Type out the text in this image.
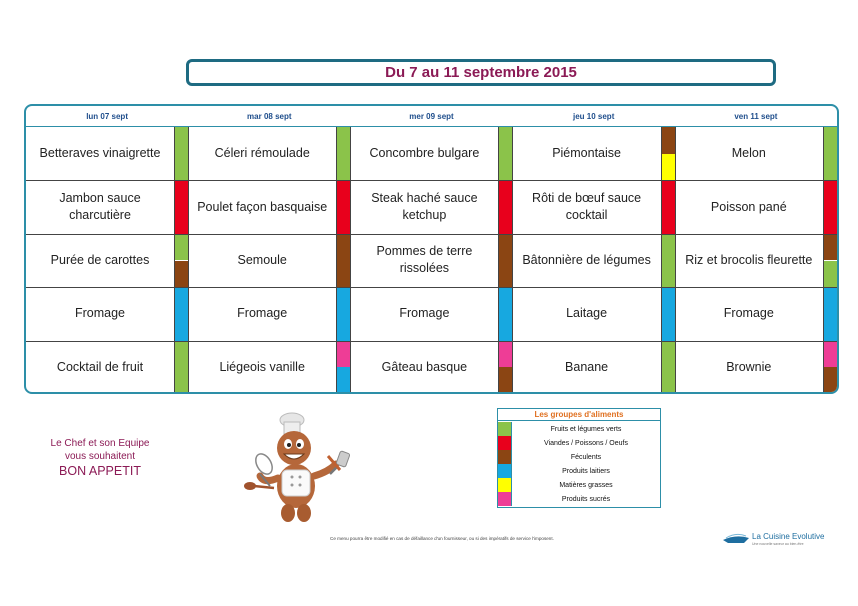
Du 7 au 11 septembre 2015
lun 07 sept
Betteraves vinaigrette
Jambon sauce charcutière
Purée de carottes
Fromage
Cocktail de fruit
mar 08 sept
Céleri rémoulade
Poulet façon basquaise
Semoule
Fromage
Liégeois vanille
mer 09 sept
Concombre bulgare
Steak haché sauce ketchup
Pommes de terre rissolées
Fromage
Gâteau basque
jeu 10 sept
Piémontaise
Rôti de bœuf sauce cocktail
Bâtonnière de légumes
Laitage
Banane
ven 11 sept
Melon
Poisson pané
Riz et brocolis fleurette
Fromage
Brownie
Le Chef et son Equipe
vous souhaitent
BON APPETIT
Les groupes d'aliments
Fruits et légumes verts
Viandes / Poissons / Oeufs
Féculents
Produits laitiers
Matières grasses
Produits sucrés
Ce menu pourra être modifié en cas de défaillance d'un fournisseur, ou si des impératifs de service l'imposent.	La Cuisine Evolutive
Une nouvelle saveur au bien-être
